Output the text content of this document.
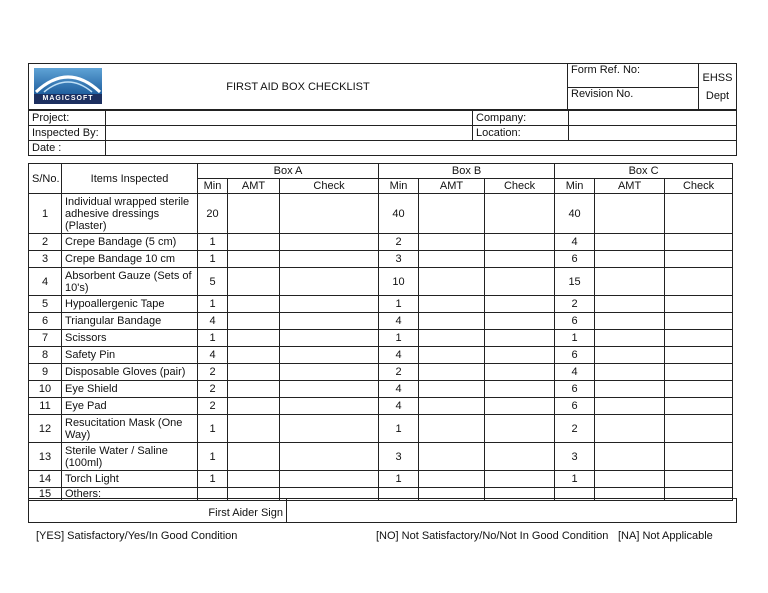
FIRST AID BOX CHECKLIST	Form Ref. No:	
EHSS
Dept

Revision No.
MAGICSOFT
Project:		Company:	
Inspected By:		Location:	
Date :			
S/No.	Items Inspected	Box A			Box B			Box C		
		Min	AMT	Check	Min	AMT	Check	Min	AMT	Check
1	Individual wrapped sterile adhesive dressings (Plaster)	20			40			40		
2	Crepe Bandage (5 cm)	1			2			4		
3	Crepe Bandage 10 cm	1			3			6		
4	Absorbent Gauze (Sets of 10's)	5			10			15		
5	Hypoallergenic Tape	1			1			2		
6	Triangular Bandage	4			4			6		
7	Scissors	1			1			1		
8	Safety Pin	4			4			6		
9	Disposable Gloves (pair)	2			2			4		
10	Eye Shield	2			4			6		
11	Eye Pad	2			4			6		
12	Resucitation Mask (One Way)	1			1			2		
13	Sterile Water / Saline (100ml)	1			3			3		
14	Torch Light	1			1			1		
15	Others:									
First Aider Sign	
[YES] Satisfactory/Yes/In Good Condition	[NO] Not Satisfactory/No/Not In Good Condition [NA] Not Applicable
